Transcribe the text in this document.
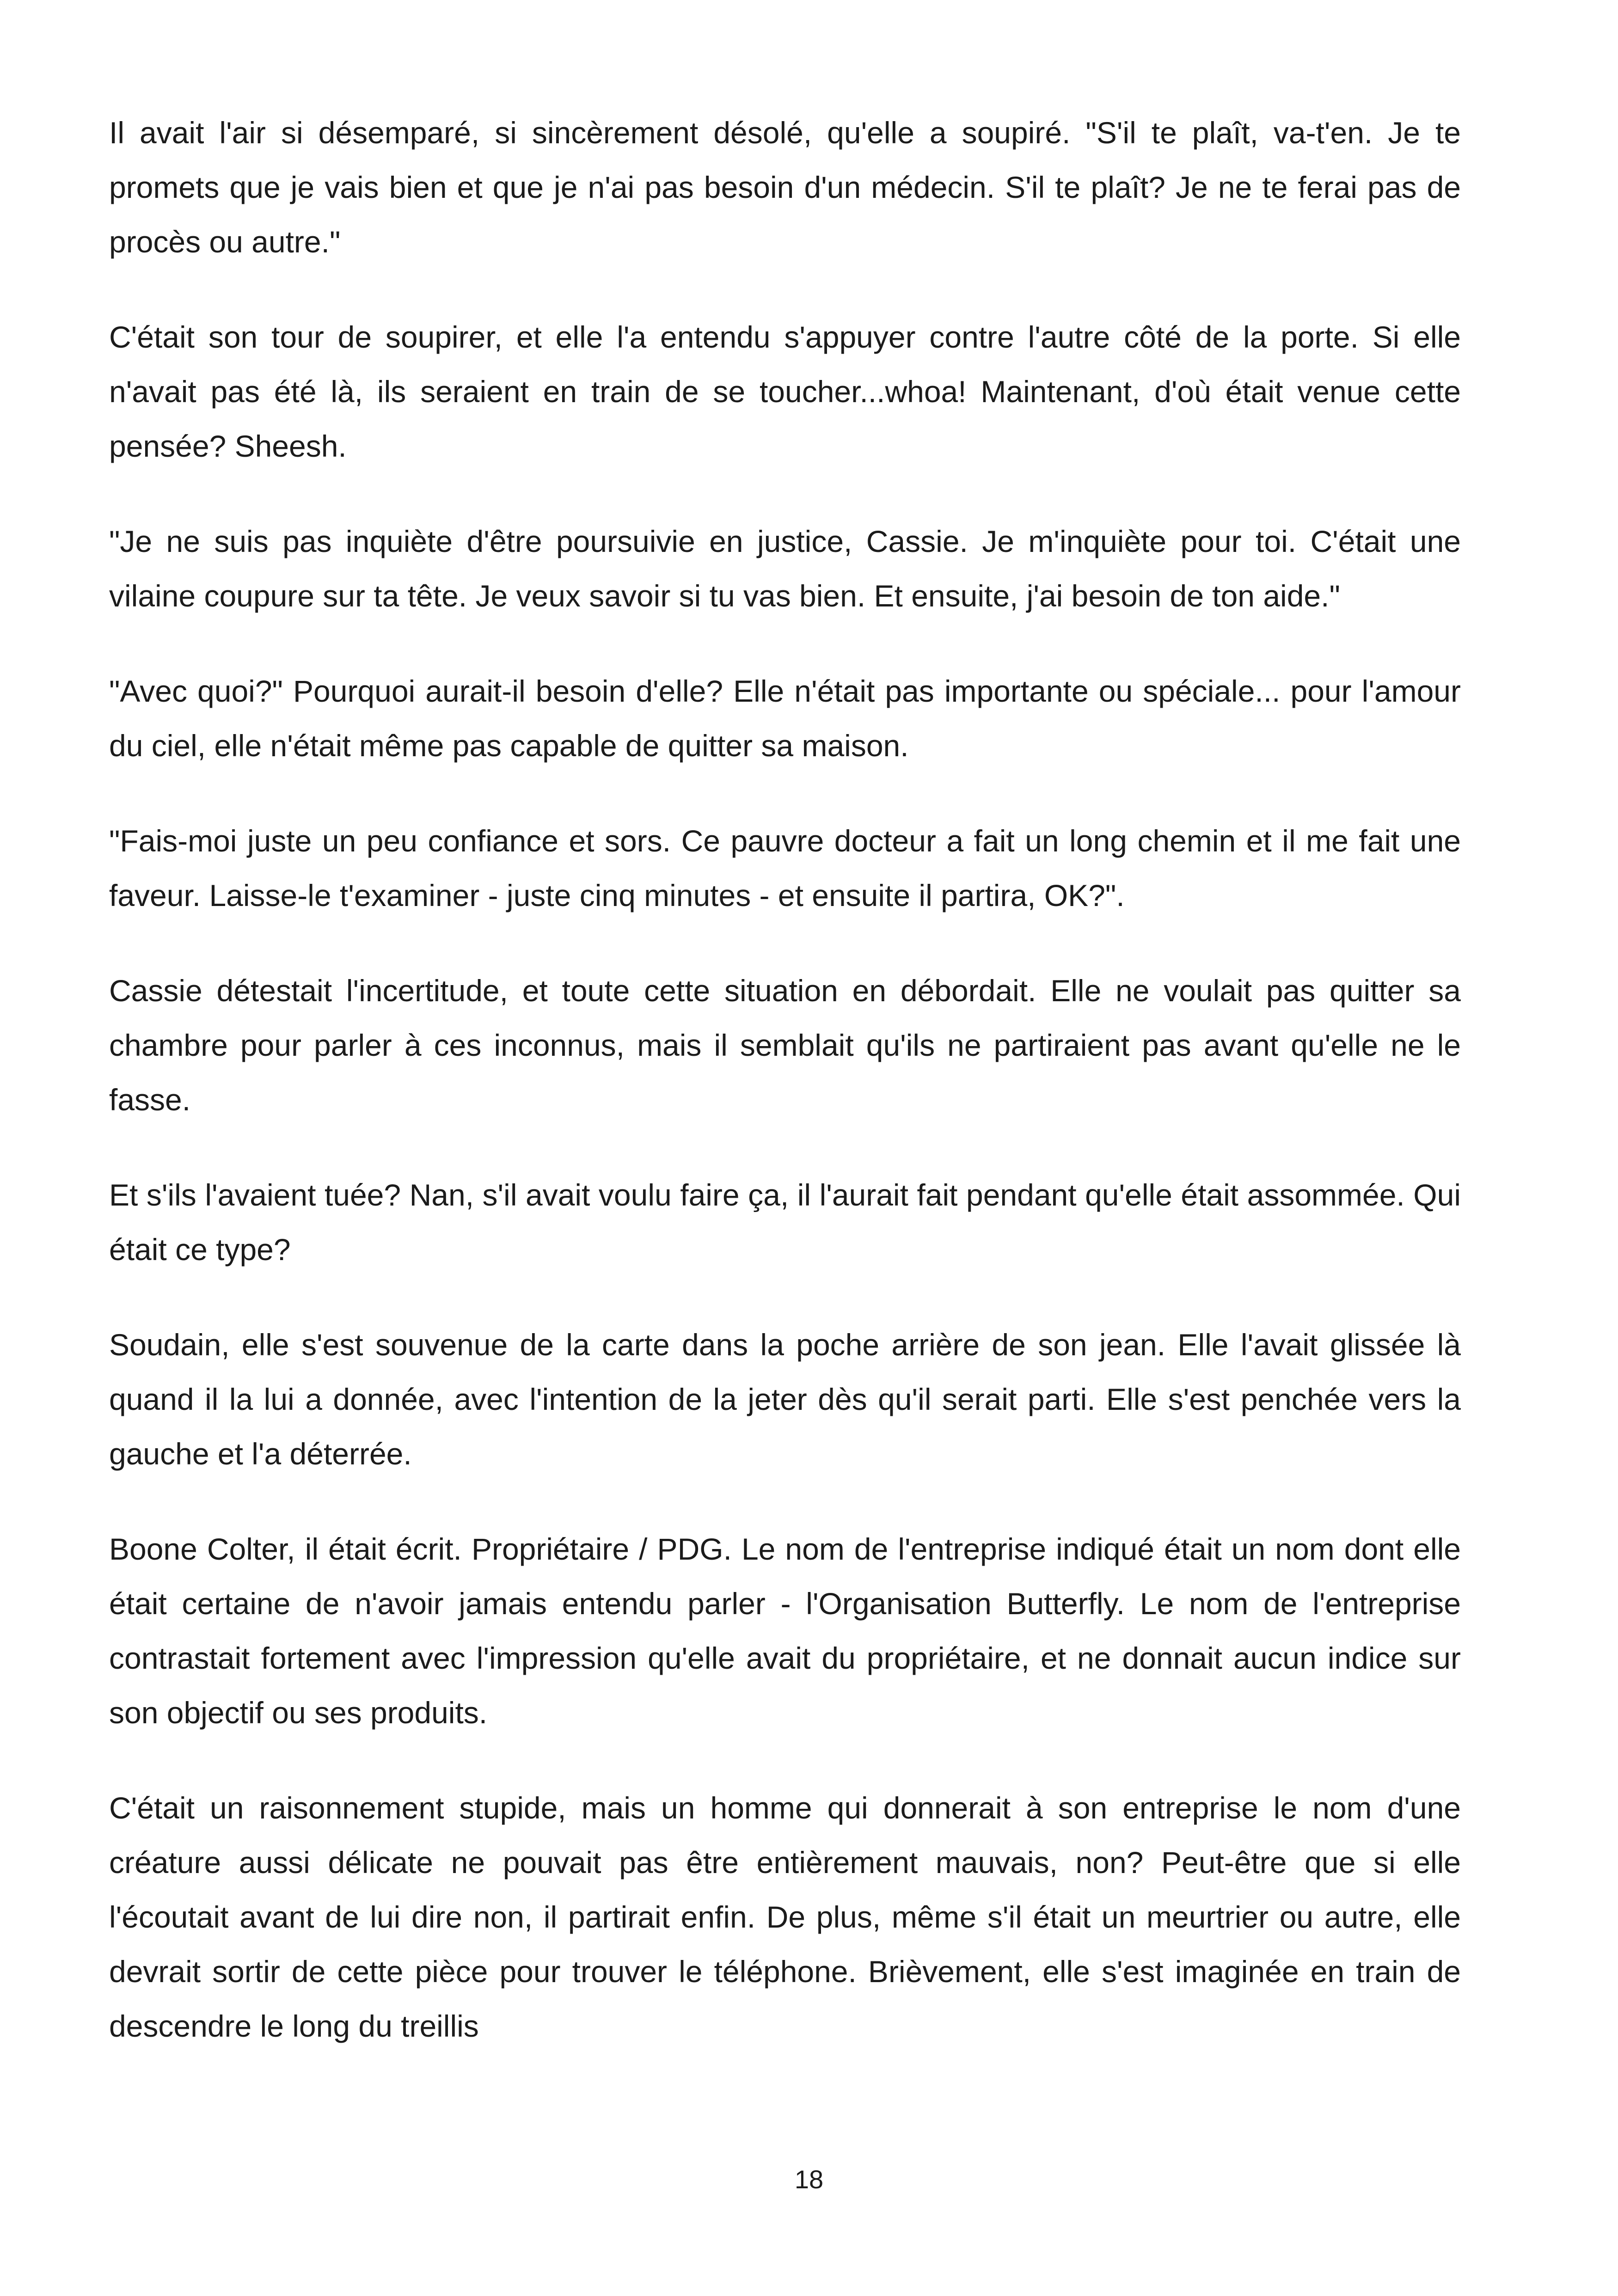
Il avait l'air si désemparé, si sincèrement désolé, qu'elle a soupiré. "S'il te plaît, va-t'en. Je te promets que je vais bien et que je n'ai pas besoin d'un médecin. S'il te plaît? Je ne te ferai pas de procès ou autre."

C'était son tour de soupirer, et elle l'a entendu s'appuyer contre l'autre côté de la porte. Si elle n'avait pas été là, ils seraient en train de se toucher...whoa! Maintenant, d'où était venue cette pensée? Sheesh.

"Je ne suis pas inquiète d'être poursuivie en justice, Cassie. Je m'inquiète pour toi. C'était une vilaine coupure sur ta tête. Je veux savoir si tu vas bien. Et ensuite, j'ai besoin de ton aide."

"Avec quoi?" Pourquoi aurait-il besoin d'elle? Elle n'était pas importante ou spéciale... pour l'amour du ciel, elle n'était même pas capable de quitter sa maison.

"Fais-moi juste un peu confiance et sors. Ce pauvre docteur a fait un long chemin et il me fait une faveur. Laisse-le t'examiner - juste cinq minutes - et ensuite il partira, OK?".

Cassie détestait l'incertitude, et toute cette situation en débordait. Elle ne voulait pas quitter sa chambre pour parler à ces inconnus, mais il semblait qu'ils ne partiraient pas avant qu'elle ne le fasse.

Et s'ils l'avaient tuée? Nan, s'il avait voulu faire ça, il l'aurait fait pendant qu'elle était assommée. Qui était ce type?

Soudain, elle s'est souvenue de la carte dans la poche arrière de son jean. Elle l'avait glissée là quand il la lui a donnée, avec l'intention de la jeter dès qu'il serait parti. Elle s'est penchée vers la gauche et l'a déterrée.

Boone Colter, il était écrit. Propriétaire / PDG. Le nom de l'entreprise indiqué était un nom dont elle était certaine de n'avoir jamais entendu parler - l'Organisation Butterfly. Le nom de l'entreprise contrastait fortement avec l'impression qu'elle avait du propriétaire, et ne donnait aucun indice sur son objectif ou ses produits.

C'était un raisonnement stupide, mais un homme qui donnerait à son entreprise le nom d'une créature aussi délicate ne pouvait pas être entièrement mauvais, non? Peut-être que si elle l'écoutait avant de lui dire non, il partirait enfin. De plus, même s'il était un meurtrier ou autre, elle devrait sortir de cette pièce pour trouver le téléphone. Brièvement, elle s'est imaginée en train de descendre le long du treillis

18
